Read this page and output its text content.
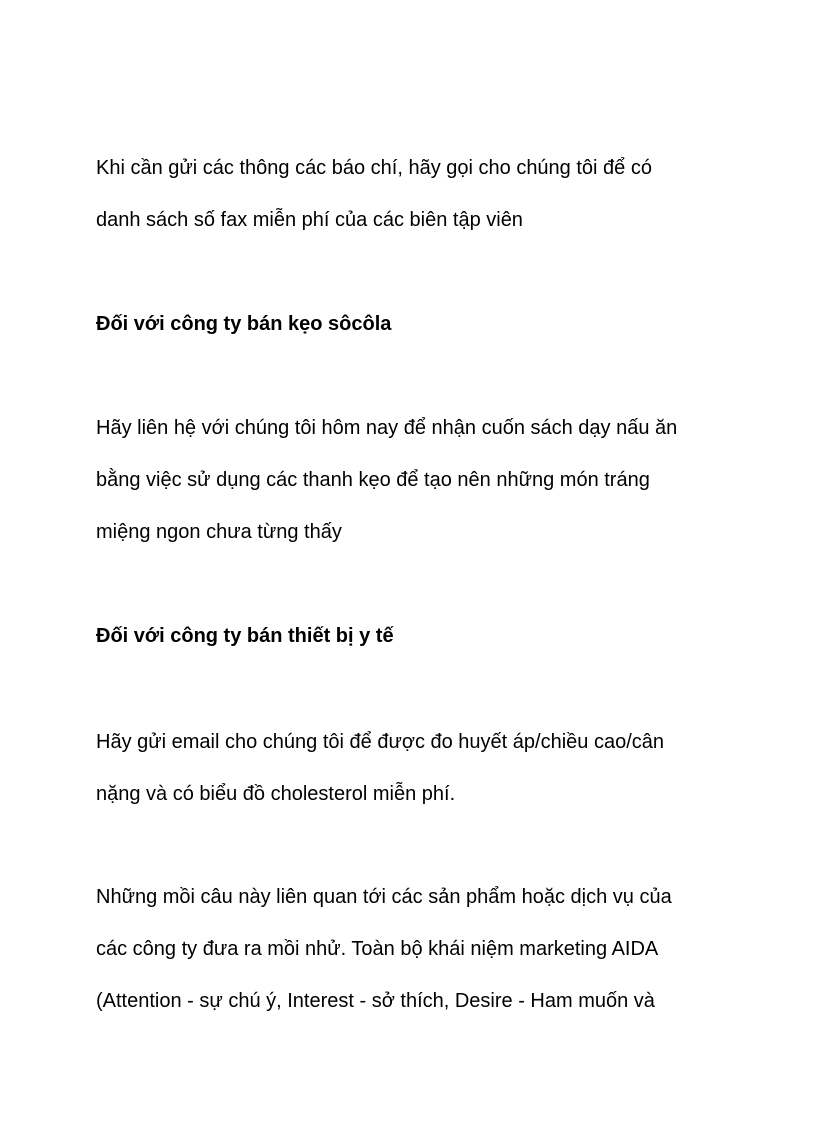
Khi cần gửi các thông các báo chí, hãy gọi cho chúng tôi để có
danh sách số fax miễn phí của các biên tập viên
Đối với công ty bán kẹo sôcôla
Hãy liên hệ với chúng tôi hôm nay để nhận cuốn sách dạy nấu ăn
bằng việc sử dụng các thanh kẹo để tạo nên những món tráng
miệng ngon chưa từng thấy
Đối với công ty bán thiết bị y tế
Hãy gửi email cho chúng tôi để được đo huyết áp/chiều cao/cân
nặng và có biểu đồ cholesterol miễn phí.
Những mồi câu này liên quan tới các sản phẩm hoặc dịch vụ của
các công ty đưa ra mồi nhử. Toàn bộ khái niệm marketing AIDA
(Attention - sự chú ý, Interest - sở thích, Desire - Ham muốn và
